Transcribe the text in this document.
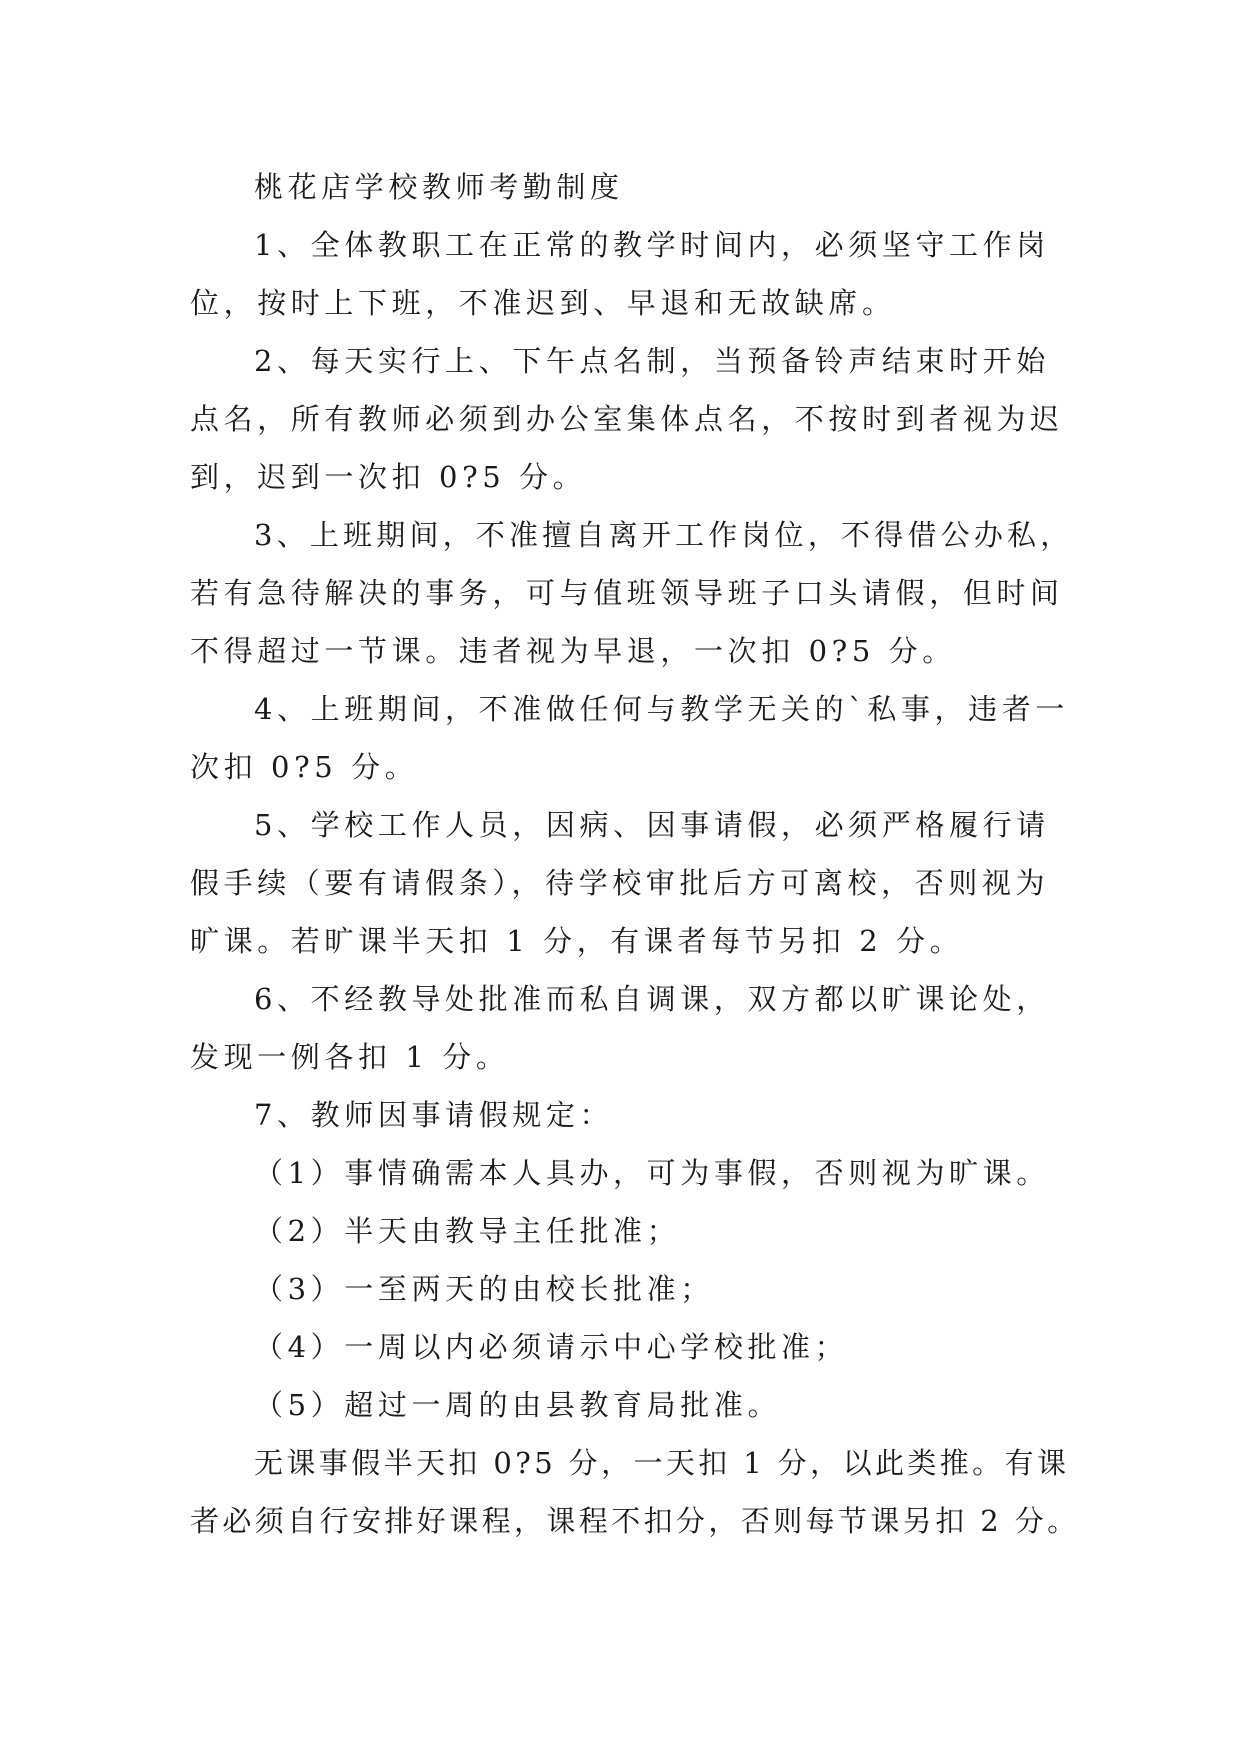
桃花店学校教师考勤制度
1、全体教职工在正常的教学时间内，必须坚守工作岗
位，按时上下班，不准迟到、早退和无故缺席。
2、每天实行上、下午点名制，当预备铃声结束时开始
点名，所有教师必须到办公室集体点名，不按时到者视为迟
到，迟到一次扣 0?5 分。
3、上班期间，不准擅自离开工作岗位，不得借公办私，
若有急待解决的事务，可与值班领导班子口头请假，但时间
不得超过一节课。违者视为早退，一次扣 0?5 分。
4、上班期间，不准做任何与教学无关的`私事，违者一
次扣 0?5 分。
5、学校工作人员，因病、因事请假，必须严格履行请
假手续（要有请假条），待学校审批后方可离校，否则视为
旷课。若旷课半天扣 1 分，有课者每节另扣 2 分。
6、不经教导处批准而私自调课，双方都以旷课论处，
发现一例各扣 1 分。
7、教师因事请假规定：
（1）事情确需本人具办，可为事假，否则视为旷课。
（2）半天由教导主任批准；
（3）一至两天的由校长批准；
（4）一周以内必须请示中心学校批准；
（5）超过一周的由县教育局批准。
无课事假半天扣 0?5 分，一天扣 1 分，以此类推。有课
者必须自行安排好课程，课程不扣分，否则每节课另扣 2 分。
